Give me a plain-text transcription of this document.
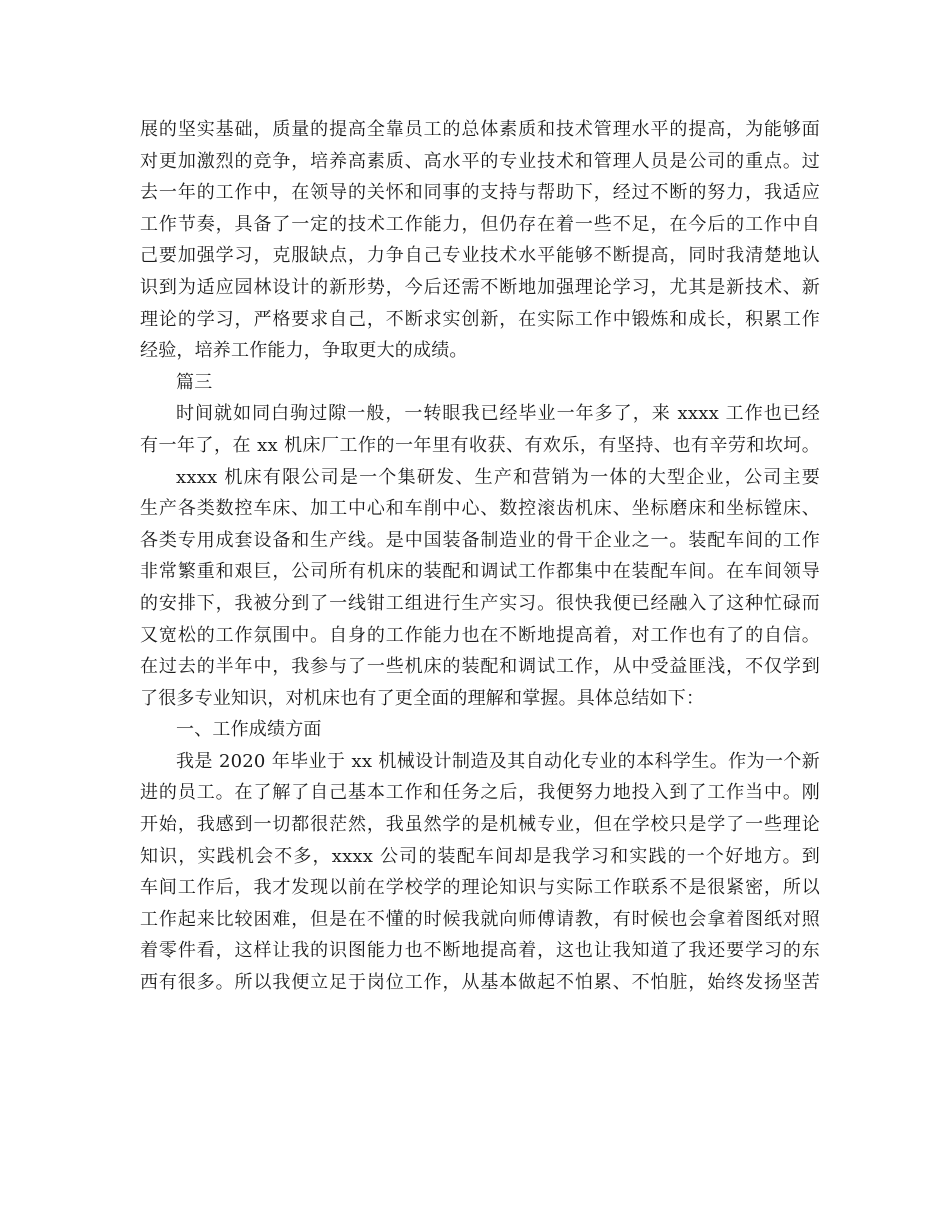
展的坚实基础，质量的提高全靠员工的总体素质和技术管理水平的提高，为能够面
对更加激烈的竞争，培养高素质、高水平的专业技术和管理人员是公司的重点。过
去一年的工作中，在领导的关怀和同事的支持与帮助下，经过不断的努力，我适应
工作节奏，具备了一定的技术工作能力，但仍存在着一些不足，在今后的工作中自
己要加强学习，克服缺点，力争自己专业技术水平能够不断提高，同时我清楚地认
识到为适应园林设计的新形势，今后还需不断地加强理论学习，尤其是新技术、新
理论的学习，严格要求自己，不断求实创新，在实际工作中锻炼和成长，积累工作
经验，培养工作能力，争取更大的成绩。
篇三
时间就如同白驹过隙一般，一转眼我已经毕业一年多了，来 xxxx 工作也已经
有一年了，在 xx 机床厂工作的一年里有收获、有欢乐，有坚持、也有辛劳和坎坷。
xxxx 机床有限公司是一个集研发、生产和营销为一体的大型企业，公司主要
生产各类数控车床、加工中心和车削中心、数控滚齿机床、坐标磨床和坐标镗床、
各类专用成套设备和生产线。是中国装备制造业的骨干企业之一。装配车间的工作
非常繁重和艰巨，公司所有机床的装配和调试工作都集中在装配车间。在车间领导
的安排下，我被分到了一线钳工组进行生产实习。很快我便已经融入了这种忙碌而
又宽松的工作氛围中。自身的工作能力也在不断地提高着，对工作也有了的自信。
在过去的半年中，我参与了一些机床的装配和调试工作，从中受益匪浅，不仅学到
了很多专业知识，对机床也有了更全面的理解和掌握。具体总结如下：
一、工作成绩方面
我是 2020 年毕业于 xx 机械设计制造及其自动化专业的本科学生。作为一个新
进的员工。在了解了自己基本工作和任务之后，我便努力地投入到了工作当中。刚
开始，我感到一切都很茫然，我虽然学的是机械专业，但在学校只是学了一些理论
知识，实践机会不多，xxxx 公司的装配车间却是我学习和实践的一个好地方。到
车间工作后，我才发现以前在学校学的理论知识与实际工作联系不是很紧密，所以
工作起来比较困难，但是在不懂的时候我就向师傅请教，有时候也会拿着图纸对照
着零件看，这样让我的识图能力也不断地提高着，这也让我知道了我还要学习的东
西有很多。所以我便立足于岗位工作，从基本做起不怕累、不怕脏，始终发扬坚苦
